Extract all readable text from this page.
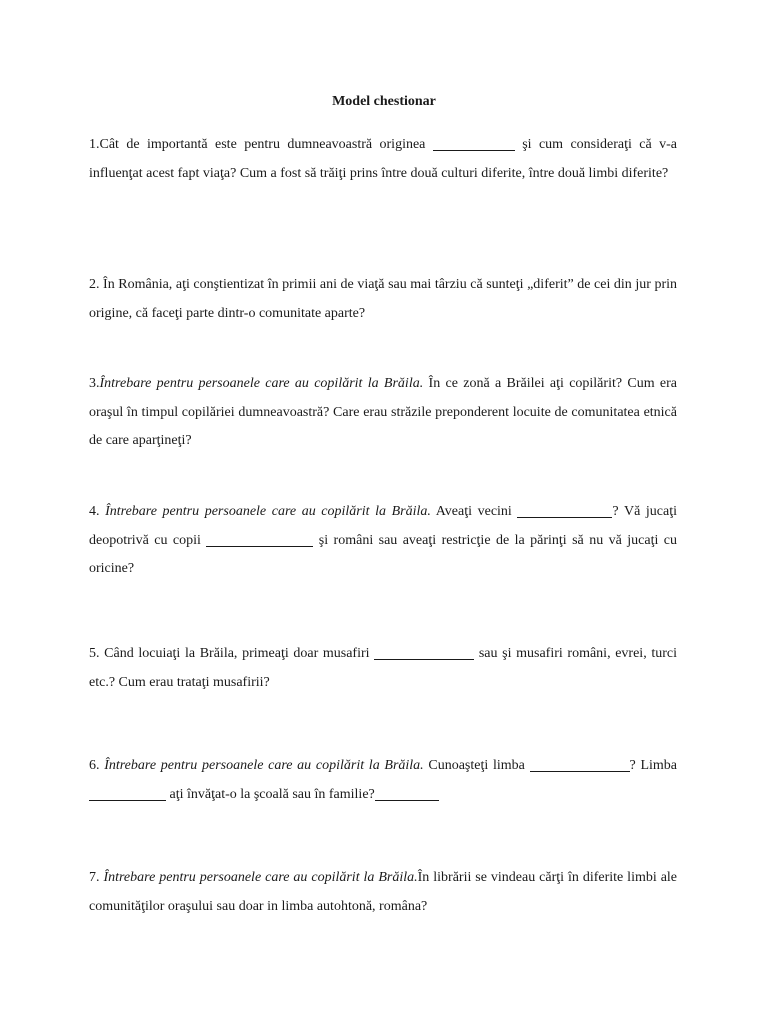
Model chestionar
1.Cât de importantă este pentru dumneavoastră originea	şi cum consideraţi că v-a influenţat acest fapt viaţa? Cum a fost să trăiţi prins între două culturi diferite, între două limbi diferite?
2. În România, aţi conştientizat în primii ani de viaţă sau mai târziu că sunteţi „diferit” de cei din jur prin origine, că faceţi parte dintr-o comunitate aparte?
3.Întrebare pentru persoanele care au copilărit la Brăila. În ce zonă a Brăilei aţi copilărit? Cum era oraşul în timpul copilăriei dumneavoastră? Care erau străzile preponderent locuite de comunitatea etnică de care aparţineţi?
4. Întrebare pentru persoanele care au copilărit la Brăila. Aveaţi vecini	? Vă jucaţi deopotrivă cu copii	şi români sau aveaţi restricţie de la părinţi să nu vă jucaţi cu oricine?
5. Când locuiaţi la Brăila, primeaţi doar musafiri	sau şi musafiri români, evrei, turci etc.? Cum erau trataţi musafirii?
6. Întrebare pentru persoanele care au copilărit la Brăila. Cunoaşteţi limba	? Limba  aţi învăţat-o la şcoală sau în familie?
7. Întrebare pentru persoanele care au copilărit la Brăila.În librării se vindeau cărţi în diferite limbi ale comunităţilor oraşului sau doar in limba autohtonă, româna?
